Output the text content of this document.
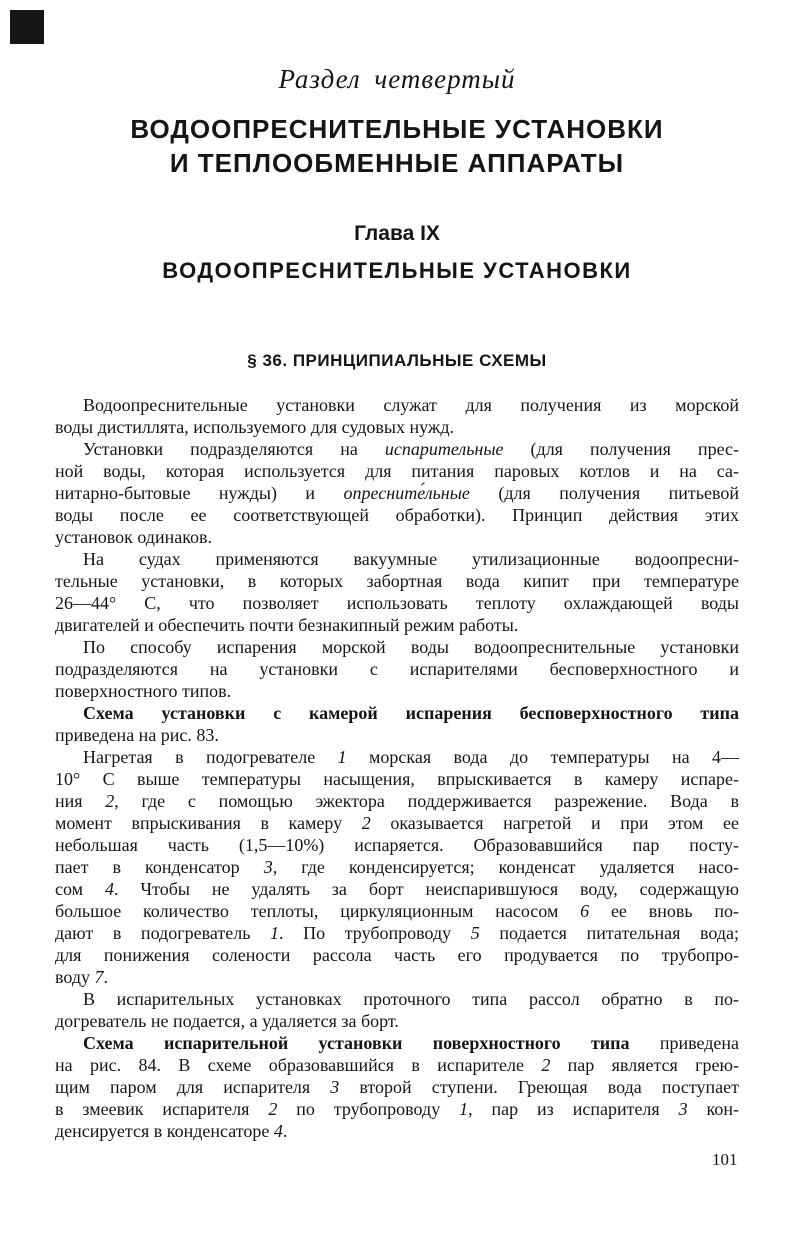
Раздел четвертый
ВОДООПРЕСНИТЕЛЬНЫЕ УСТАНОВКИ
И ТЕПЛООБМЕННЫЕ АППАРАТЫ
Глава IX
ВОДООПРЕСНИТЕЛЬНЫЕ УСТАНОВКИ
§ 36. ПРИНЦИПИАЛЬНЫЕ СХЕМЫ
Водоопреснительные установки служат для получения из морской
воды дистиллята, используемого для судовых нужд.
Установки подразделяются на испарительные (для получения прес-
ной воды, которая используется для питания паровых котлов и на са-
нитарно-бытовые нужды) и опресните́льные (для получения питьевой
воды после ее соответствующей обработки). Принцип действия этих
установок одинаков.
На судах применяются вакуумные утилизационные водоопресни-
тельные установки, в которых забортная вода кипит при температуре
26—44° С, что позволяет использовать теплоту охлаждающей воды
двигателей и обеспечить почти безнакипный режим работы.
По способу испарения морской воды водоопреснительные установки
подразделяются на установки с испарителями бесповерхностного и
поверхностного типов.
Схема установки с камерой испарения бесповерхностного типа
приведена на рис. 83.
Нагретая в подогревателе 1 морская вода до температуры на 4—
10° С выше температуры насыщения, впрыскивается в камеру испаре-
ния 2, где с помощью эжектора поддерживается разрежение. Вода в
момент впрыскивания в камеру 2 оказывается нагретой и при этом ее
небольшая часть (1,5—10%) испаряется. Образовавшийся пар посту-
пает в конденсатор 3, где конденсируется; конденсат удаляется насо-
сом 4. Чтобы не удалять за борт неиспарившуюся воду, содержащую
большое количество теплоты, циркуляционным насосом 6 ее вновь по-
дают в подогреватель 1. По трубопроводу 5 подается питательная вода;
для понижения солености рассола часть его продувается по трубопро-
воду 7.
В испарительных установках проточного типа рассол обратно в по-
догреватель не подается, а удаляется за борт.
Схема испарительной установки поверхностного типа приведена
на рис. 84. В схеме образовавшийся в испарителе 2 пар является грею-
щим паром для испарителя 3 второй ступени. Греющая вода поступает
в змеевик испарителя 2 по трубопроводу 1, пар из испарителя 3 кон-
денсируется в конденсаторе 4.
101
